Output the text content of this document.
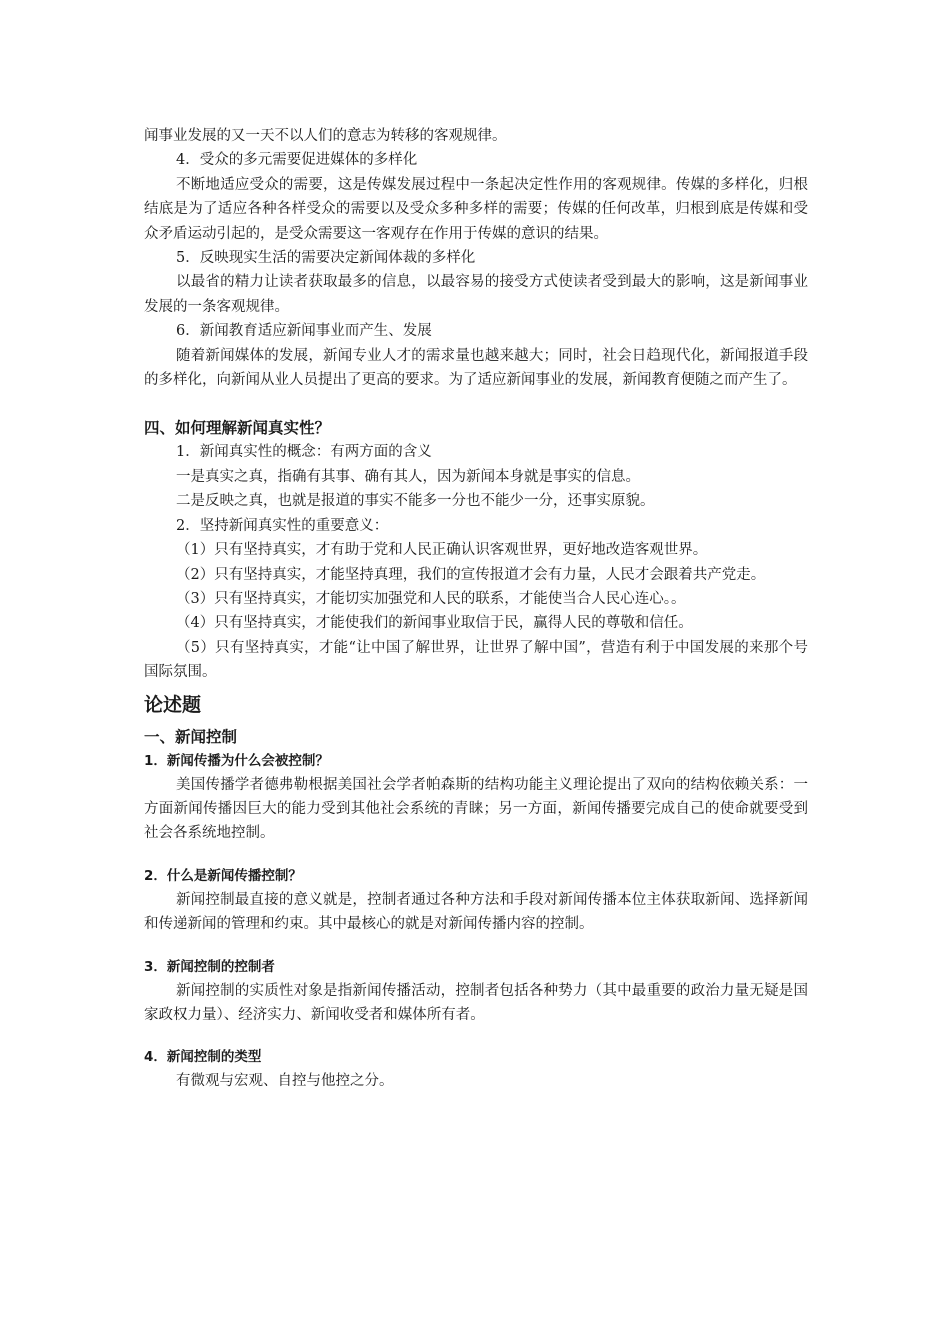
闻事业发展的又一天不以人们的意志为转移的客观规律。

4．受众的多元需要促进媒体的多样化

不断地适应受众的需要，这是传媒发展过程中一条起决定性作用的客观规律。传媒的多样化，归根结底是为了适应各种各样受众的需要以及受众多种多样的需要；传媒的任何改革，归根到底是传媒和受众矛盾运动引起的，是受众需要这一客观存在作用于传媒的意识的结果。

5．反映现实生活的需要决定新闻体裁的多样化

以最省的精力让读者获取最多的信息，以最容易的接受方式使读者受到最大的影响，这是新闻事业发展的一条客观规律。

6．新闻教育适应新闻事业而产生、发展

随着新闻媒体的发展，新闻专业人才的需求量也越来越大；同时，社会日趋现代化，新闻报道手段的多样化，向新闻从业人员提出了更高的要求。为了适应新闻事业的发展，新闻教育便随之而产生了。

四、如何理解新闻真实性？

1．新闻真实性的概念：有两方面的含义

一是真实之真，指确有其事、确有其人，因为新闻本身就是事实的信息。

二是反映之真，也就是报道的事实不能多一分也不能少一分，还事实原貌。

2．坚持新闻真实性的重要意义：

（1）只有坚持真实，才有助于党和人民正确认识客观世界，更好地改造客观世界。

（2）只有坚持真实，才能坚持真理，我们的宣传报道才会有力量，人民才会跟着共产党走。

（3）只有坚持真实，才能切实加强党和人民的联系，才能使当合人民心连心。。

（4）只有坚持真实，才能使我们的新闻事业取信于民，赢得人民的尊敬和信任。

（5）只有坚持真实，才能“让中国了解世界，让世界了解中国”，营造有利于中国发展的来那个号国际氛围。

论述题

一、新闻控制

1．新闻传播为什么会被控制？

美国传播学者德弗勒根据美国社会学者帕森斯的结构功能主义理论提出了双向的结构依赖关系：一方面新闻传播因巨大的能力受到其他社会系统的青睐；另一方面，新闻传播要完成自己的使命就要受到社会各系统地控制。

2．什么是新闻传播控制？

新闻控制最直接的意义就是，控制者通过各种方法和手段对新闻传播本位主体获取新闻、选择新闻和传递新闻的管理和约束。其中最核心的就是对新闻传播内容的控制。

3．新闻控制的控制者

新闻控制的实质性对象是指新闻传播活动，控制者包括各种势力（其中最重要的政治力量无疑是国家政权力量）、经济实力、新闻收受者和媒体所有者。

4．新闻控制的类型

有微观与宏观、自控与他控之分。
